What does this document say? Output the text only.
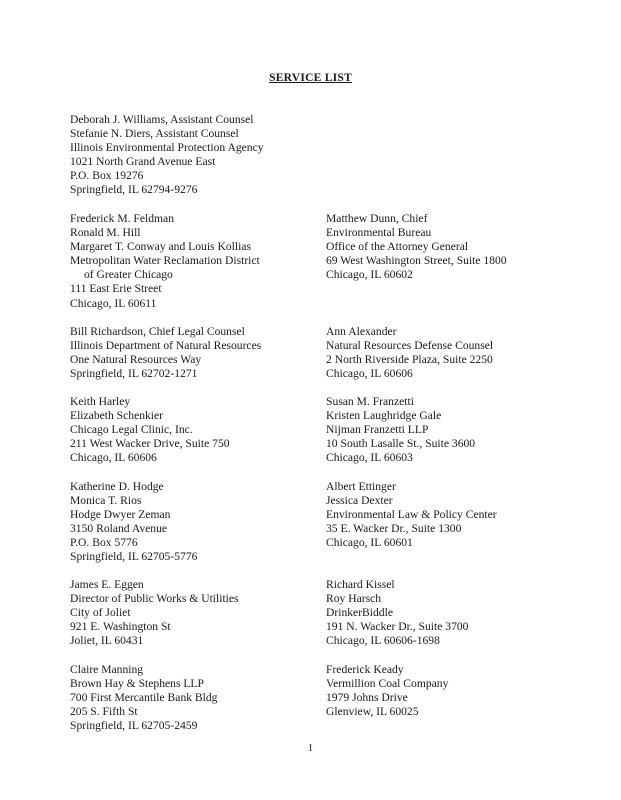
SERVICE LIST
Deborah J. Williams, Assistant Counsel
Stefanie N. Diers, Assistant Counsel
Illinois Environmental Protection Agency
1021 North Grand Avenue East
P.O. Box 19276
Springfield, IL 62794-9276
Frederick M. Feldman
Ronald M. Hill
Margaret T. Conway and Louis Kollias
Metropolitan Water Reclamation District
of Greater Chicago
111 East Erie Street
Chicago, IL 60611
Matthew Dunn, Chief
Environmental Bureau
Office of the Attorney General
69 West Washington Street, Suite 1800
Chicago, IL 60602
Bill Richardson, Chief Legal Counsel
Illinois Department of Natural Resources
One Natural Resources Way
Springfield, IL 62702-1271
Ann Alexander
Natural Resources Defense Counsel
2 North Riverside Plaza, Suite 2250
Chicago, IL 60606
Keith Harley
Elizabeth Schenkier
Chicago Legal Clinic, Inc.
211 West Wacker Drive, Suite 750
Chicago, IL 60606
Susan M. Franzetti
Kristen Laughridge Gale
Nijman Franzetti LLP
10 South Lasalle St., Suite 3600
Chicago, IL 60603
Katherine D. Hodge
Monica T. Rios
Hodge Dwyer Zeman
3150 Roland Avenue
P.O. Box 5776
Springfield, IL 62705-5776
Albert Ettinger
Jessica Dexter
Environmental Law & Policy Center
35 E. Wacker Dr., Suite 1300
Chicago, IL 60601
James E. Eggen
Director of Public Works & Utilities
City of Joliet
921 E. Washington St
Joliet, IL 60431
Richard Kissel
Roy Harsch
DrinkerBiddle
191 N. Wacker Dr., Suite 3700
Chicago, IL 60606-1698
Claire Manning
Brown Hay & Stephens LLP
700 First Mercantile Bank Bldg
205 S. Fifth St
Springfield, IL 62705-2459
Frederick Keady
Vermillion Coal Company
1979 Johns Drive
Glenview, IL 60025
1
